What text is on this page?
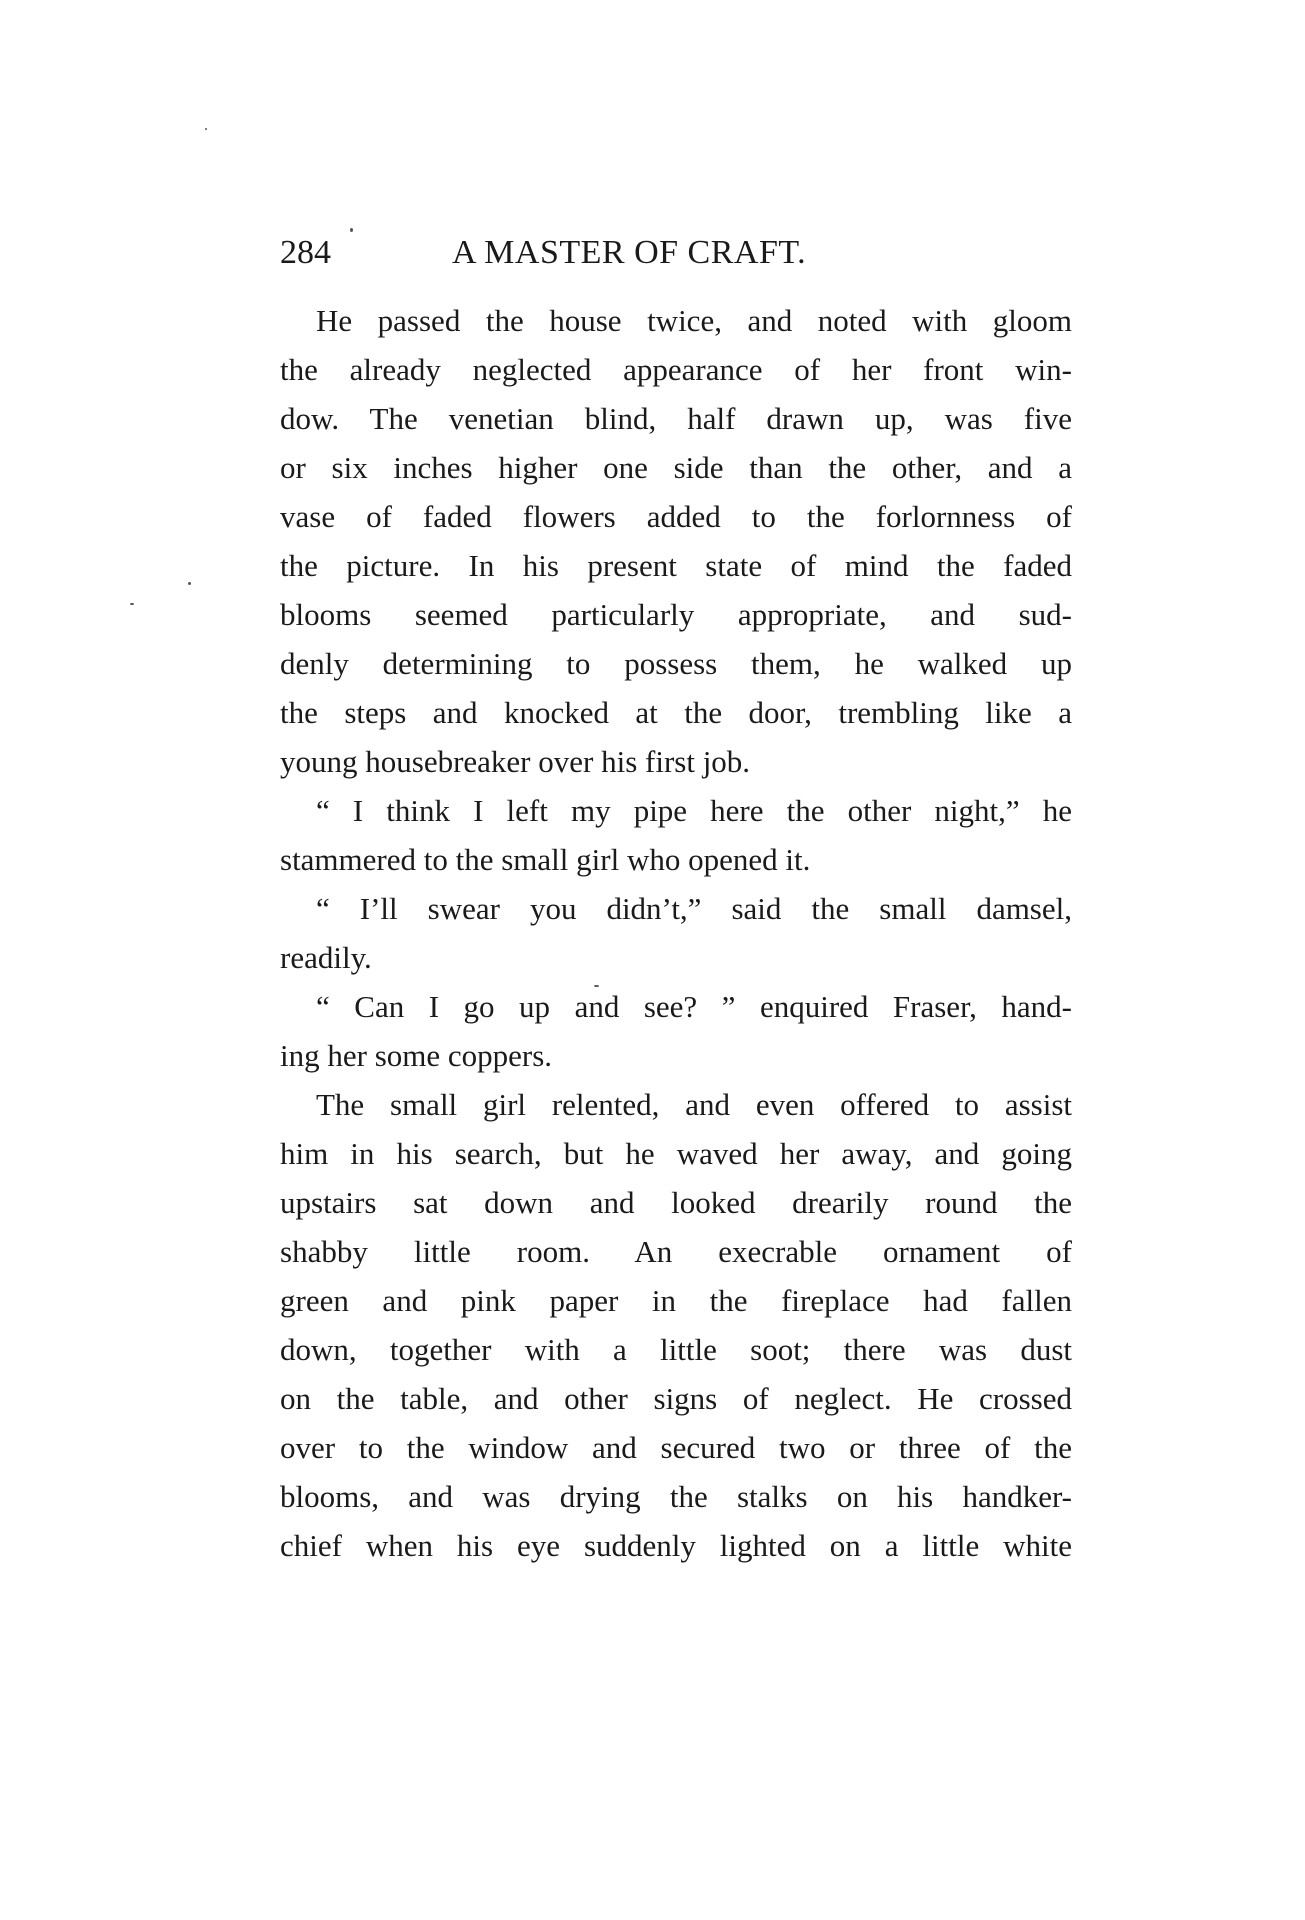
284	A MASTER OF CRAFT.
He passed the house twice, and noted with gloom
the already neglected appearance of her front win-
dow. The venetian blind, half drawn up, was five
or six inches higher one side than the other, and a
vase of faded flowers added to the forlornness of
the picture. In his present state of mind the faded
blooms seemed particularly appropriate, and sud-
denly determining to possess them, he walked up
the steps and knocked at the door, trembling like a
young housebreaker over his first job.
“ I think I left my pipe here the other night,” he
stammered to the small girl who opened it.
“ I’ll swear you didn’t,” said the small damsel,
readily.
“ Can I go up and see? ” enquired Fraser, hand-
ing her some coppers.
The small girl relented, and even offered to assist
him in his search, but he waved her away, and going
upstairs sat down and looked drearily round the
shabby little room. An execrable ornament of
green and pink paper in the fireplace had fallen
down, together with a little soot; there was dust
on the table, and other signs of neglect. He crossed
over to the window and secured two or three of the
blooms, and was drying the stalks on his handker-
chief when his eye suddenly lighted on a little white
